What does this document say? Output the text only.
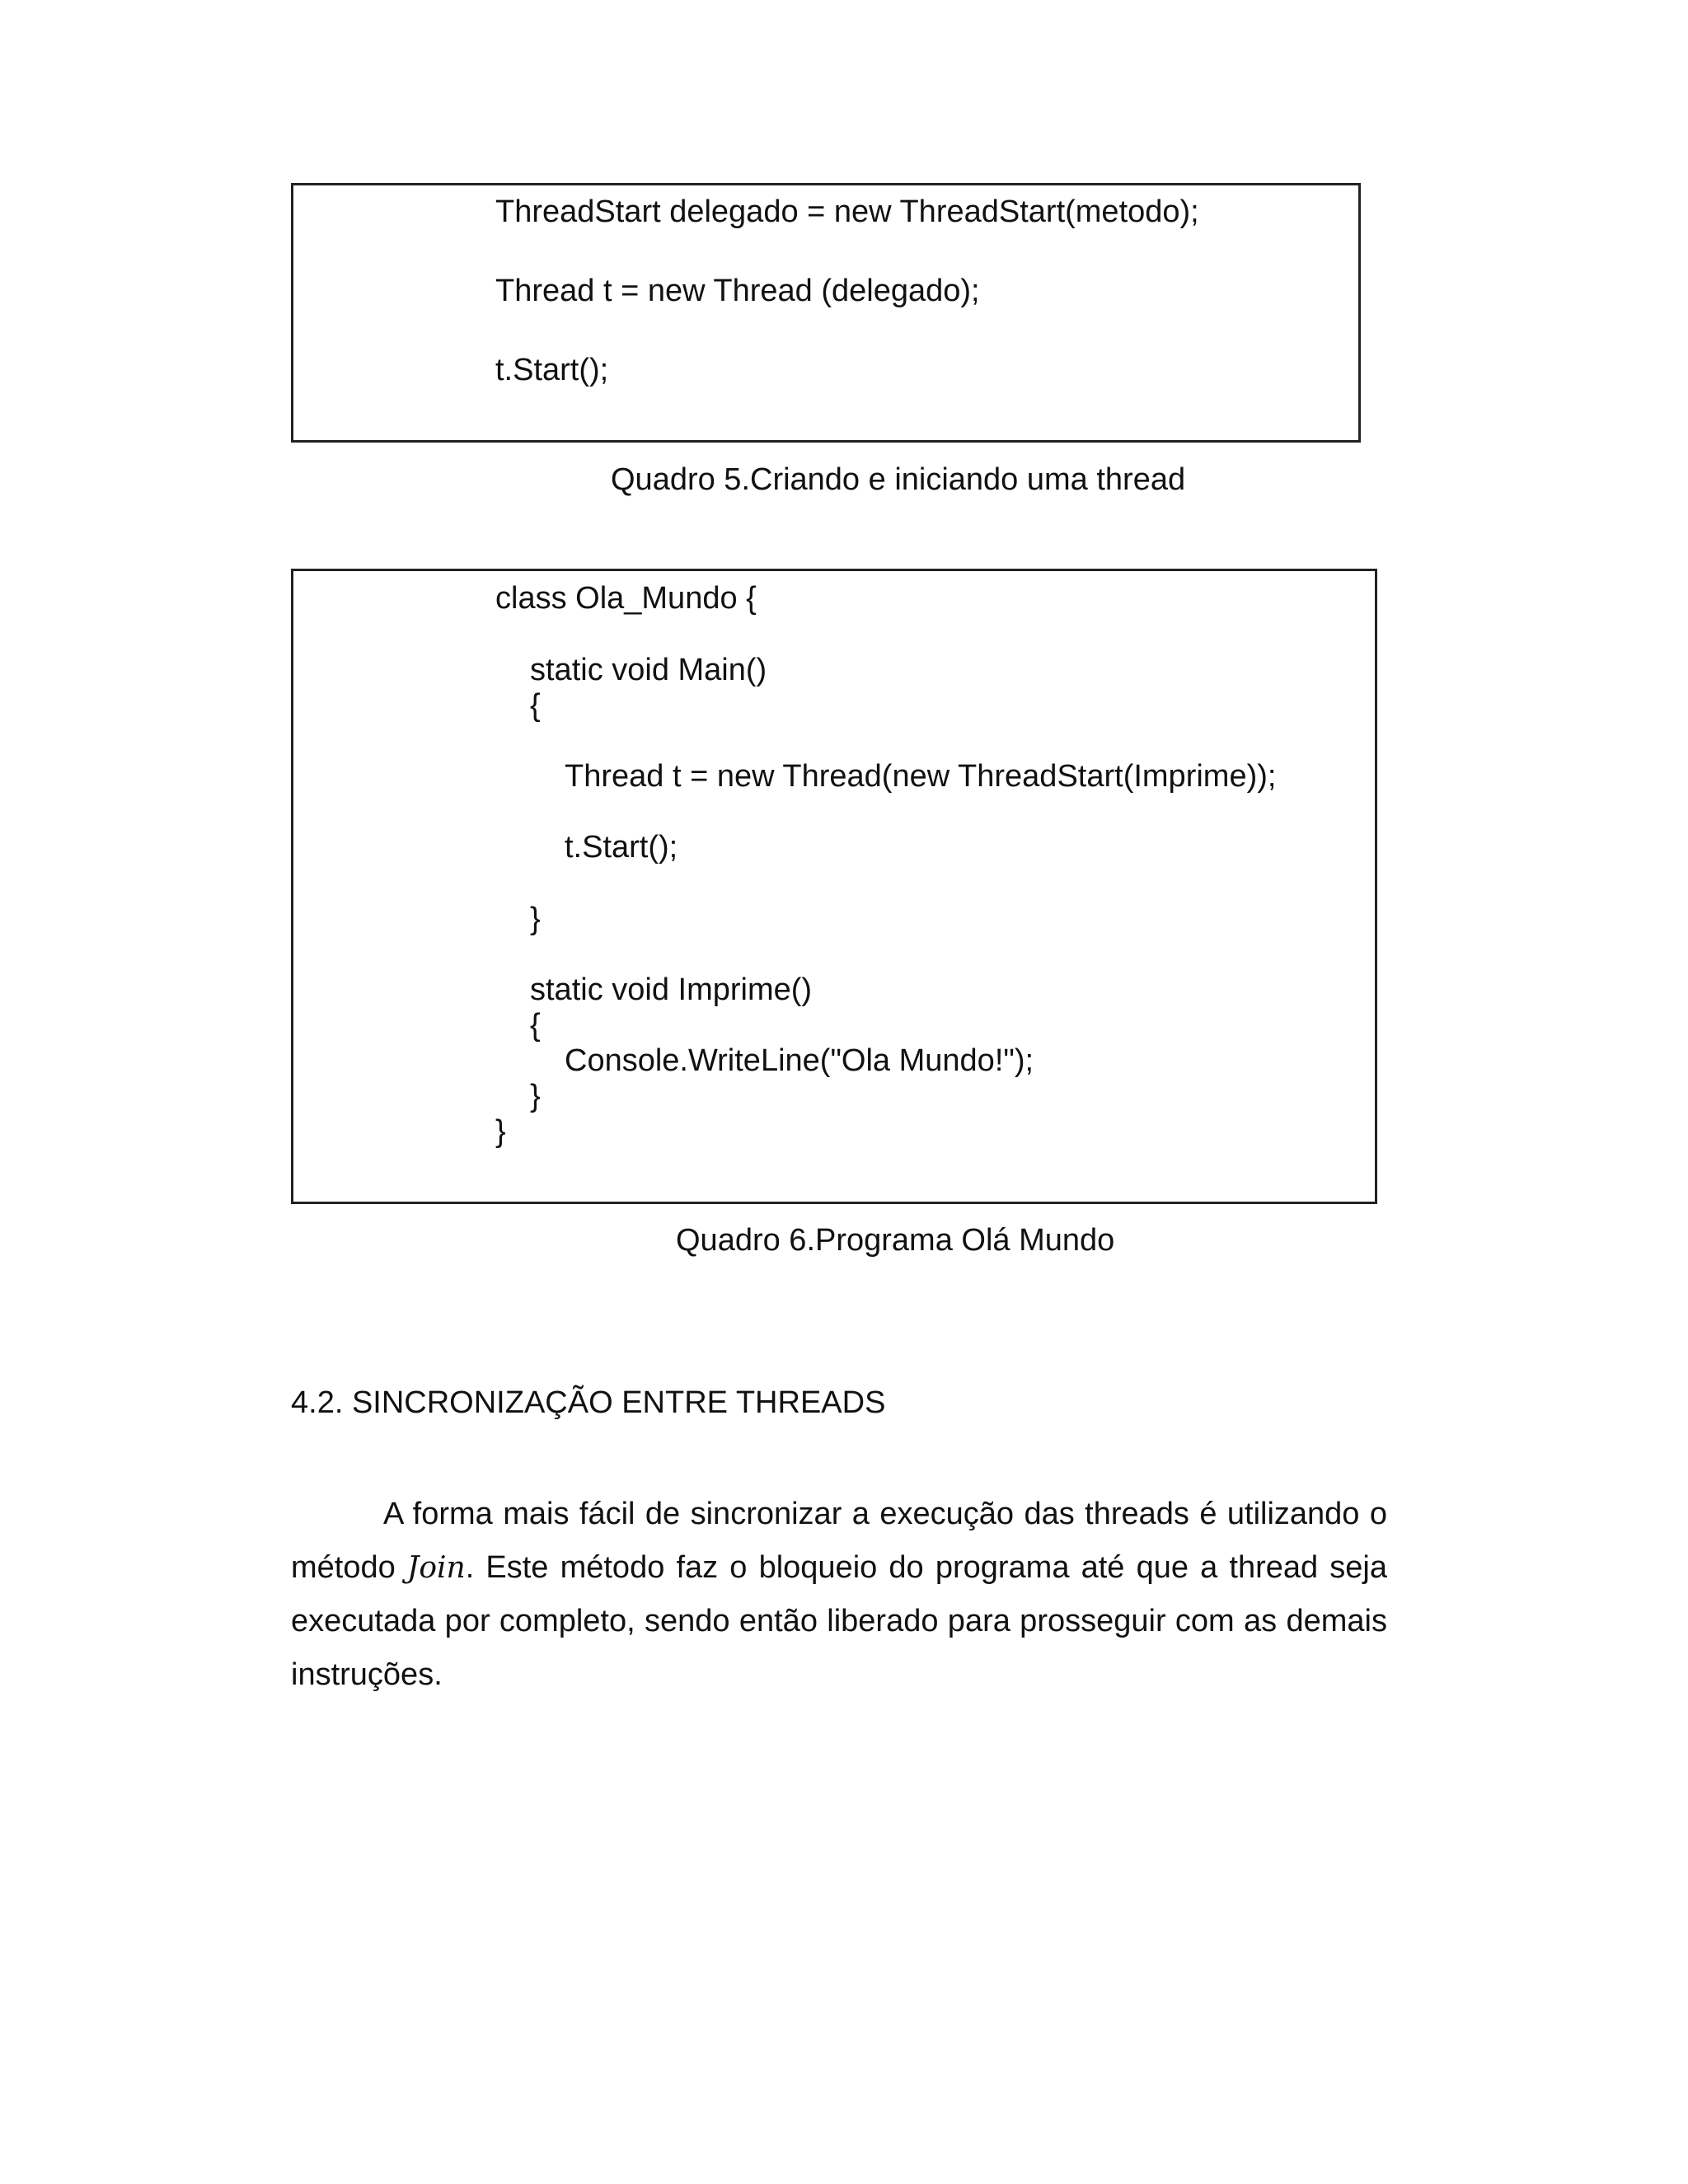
ThreadStart delegado = new ThreadStart(metodo);
Thread t = new Thread (delegado);
t.Start();
Quadro 5.Criando e iniciando uma thread
class Ola_Mundo {
static void Main()
{
Thread t = new Thread(new ThreadStart(Imprime));
t.Start();
}
static void Imprime()
{
Console.WriteLine("Ola Mundo!");
}
}
Quadro 6.Programa Olá Mundo
4.2. SINCRONIZAÇÃO ENTRE THREADS
A forma mais fácil de sincronizar a execução das threads é utilizando o método Join. Este método faz o bloqueio do programa até que a thread seja executada por completo, sendo então liberado para prosseguir com as demais instruções.
